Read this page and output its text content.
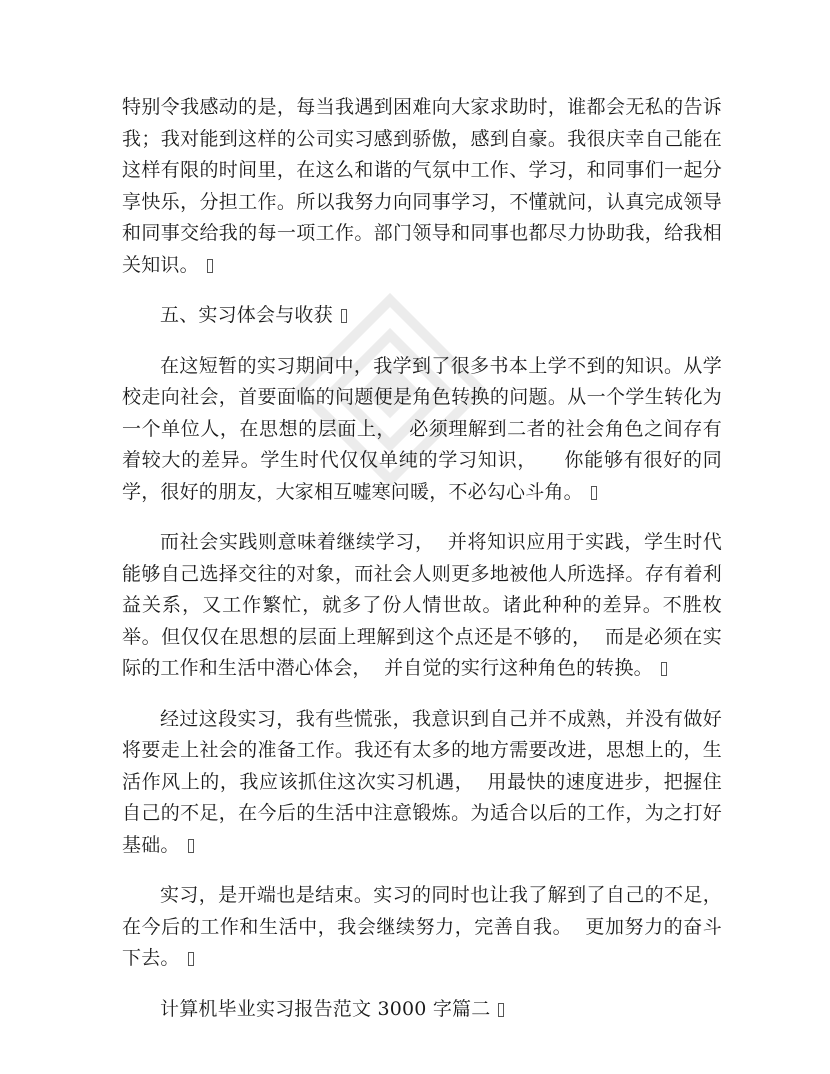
特别令我感动的是，每当我遇到困难向大家求助时，谁都会无私的告诉我；我对能到这样的公司实习感到骄傲，感到自豪。我很庆幸自己能在这样有限的时间里，在这么和谐的气氛中工作、学习，和同事们一起分享快乐，分担工作。所以我努力向同事学习，不懂就问，认真完成领导和同事交给我的每一项工作。部门领导和同事也都尽力协助我，给我相关知识。

五、实习体会与收获

在这短暂的实习期间中，我学到了很多书本上学不到的知识。从学校走向社会，首要面临的问题便是角色转换的问题。从一个学生转化为一个单位人，在思想的层面上，  必须理解到二者的社会角色之间存有着较大的差异。学生时代仅仅单纯的学习知识，    你能够有很好的同学，很好的朋友，大家相互嘘寒问暖，不必勾心斗角。

而社会实践则意味着继续学习，  并将知识应用于实践，学生时代能够自己选择交往的对象，而社会人则更多地被他人所选择。存有着利益关系，又工作繁忙，就多了份人情世故。诸此种种的差异。不胜枚举。但仅仅在思想的层面上理解到这个点还是不够的，  而是必须在实际的工作和生活中潜心体会，  并自觉的实行这种角色的转换。

经过这段实习，我有些慌张，我意识到自己并不成熟，并没有做好将要走上社会的准备工作。我还有太多的地方需要改进，思想上的，生活作风上的，我应该抓住这次实习机遇，  用最快的速度进步，把握住自己的不足，在今后的生活中注意锻炼。为适合以后的工作，为之打好基础。

实习，是开端也是结束。实习的同时也让我了解到了自己的不足，在今后的工作和生活中，我会继续努力，完善自我。  更加努力的奋斗下去。

计算机毕业实习报告范文 3000 字篇二
